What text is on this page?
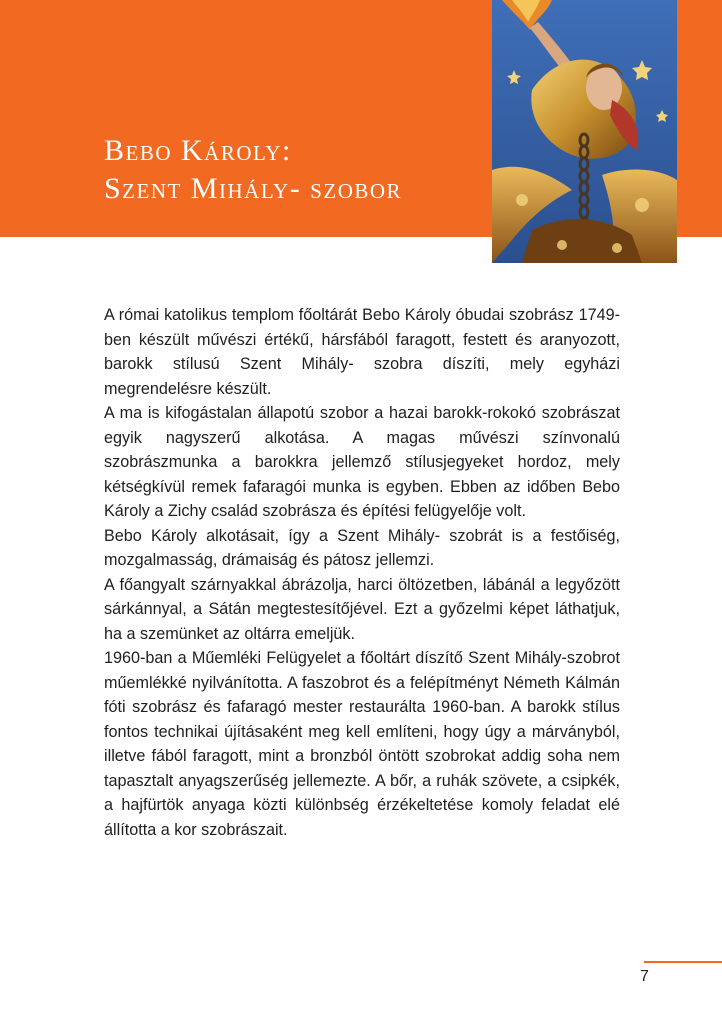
Bebo Károly:
Szent Mihály- szobor

A római katolikus templom főoltárát Bebo Károly óbudai szobrász 1749-ben készült művészi értékű, hársfából faragott, festett és aranyozott, barokk stílusú Szent Mihály- szobra díszíti, mely egyházi megrendelésre készült.

A ma is kifogástalan állapotú szobor a hazai barokk-rokokó szobrászat egyik nagyszerű alkotása. A magas művészi színvonalú szobrászmunka a barokkra jellemző stílusjegyeket hordoz, mely kétségkívül remek fafaragói munka is egyben. Ebben az időben Bebo Károly a Zichy család szobrásza és építési felügyelője volt.

Bebo Károly alkotásait, így a Szent Mihály- szobrát is a festőiség, mozgalmasság, drámaiság és pátosz jellemzi.

A főangyalt szárnyakkal ábrázolja, harci öltözetben, lábánál a legyőzött sárkánnyal, a Sátán megtestesítőjével. Ezt a győzelmi képet láthatjuk, ha a szemünket az oltárra emeljük.

1960-ban a Műemléki Felügyelet a főoltárt díszítő Szent Mihály-szobrot műemlékké nyilvánította. A faszobrot és a felépítményt Németh Kálmán fóti szobrász és fafaragó mester restaurálta 1960-ban. A barokk stílus fontos technikai újításaként meg kell említeni, hogy úgy a márványból, illetve fából faragott, mint a bronzból öntött szobrokat addig soha nem tapasztalt anyagszerűség jellemezte. A bőr, a ruhák szövete, a csipkék, a hajfürtök anyaga közti különbség érzékeltetése komoly feladat elé állította a kor szobrászait.

7
